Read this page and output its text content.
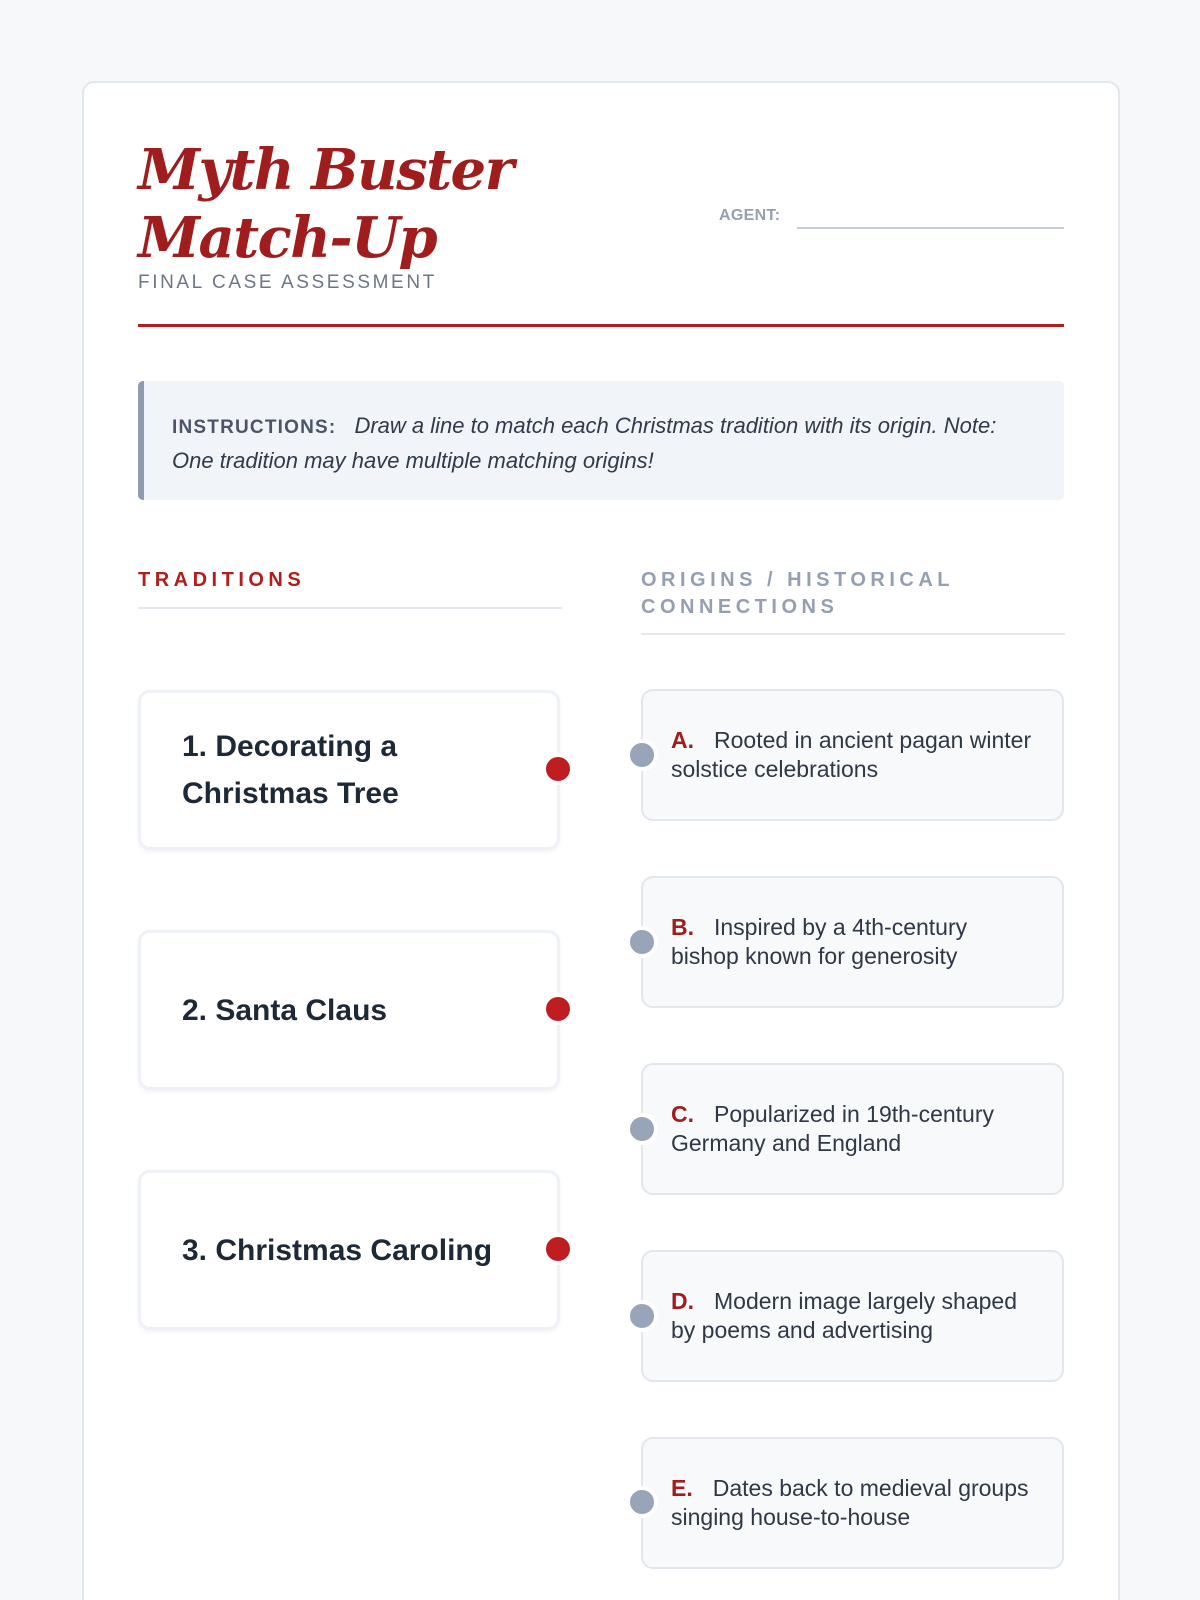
Myth Buster Match-Up
FINAL CASE ASSESSMENT
AGENT:
INSTRUCTIONS: Draw a line to match each Christmas tradition with its origin. Note: One tradition may have multiple matching origins!
TRADITIONS	ORIGINS / HISTORICAL CONNECTIONS
1. Decorating a Christmas Tree
2. Santa Claus
3. Christmas Caroling
A. Rooted in ancient pagan winter solstice celebrations
B. Inspired by a 4th-century bishop known for generosity
C. Popularized in 19th-century Germany and England
D. Modern image largely shaped by poems and advertising
E. Dates back to medieval groups singing house-to-house
